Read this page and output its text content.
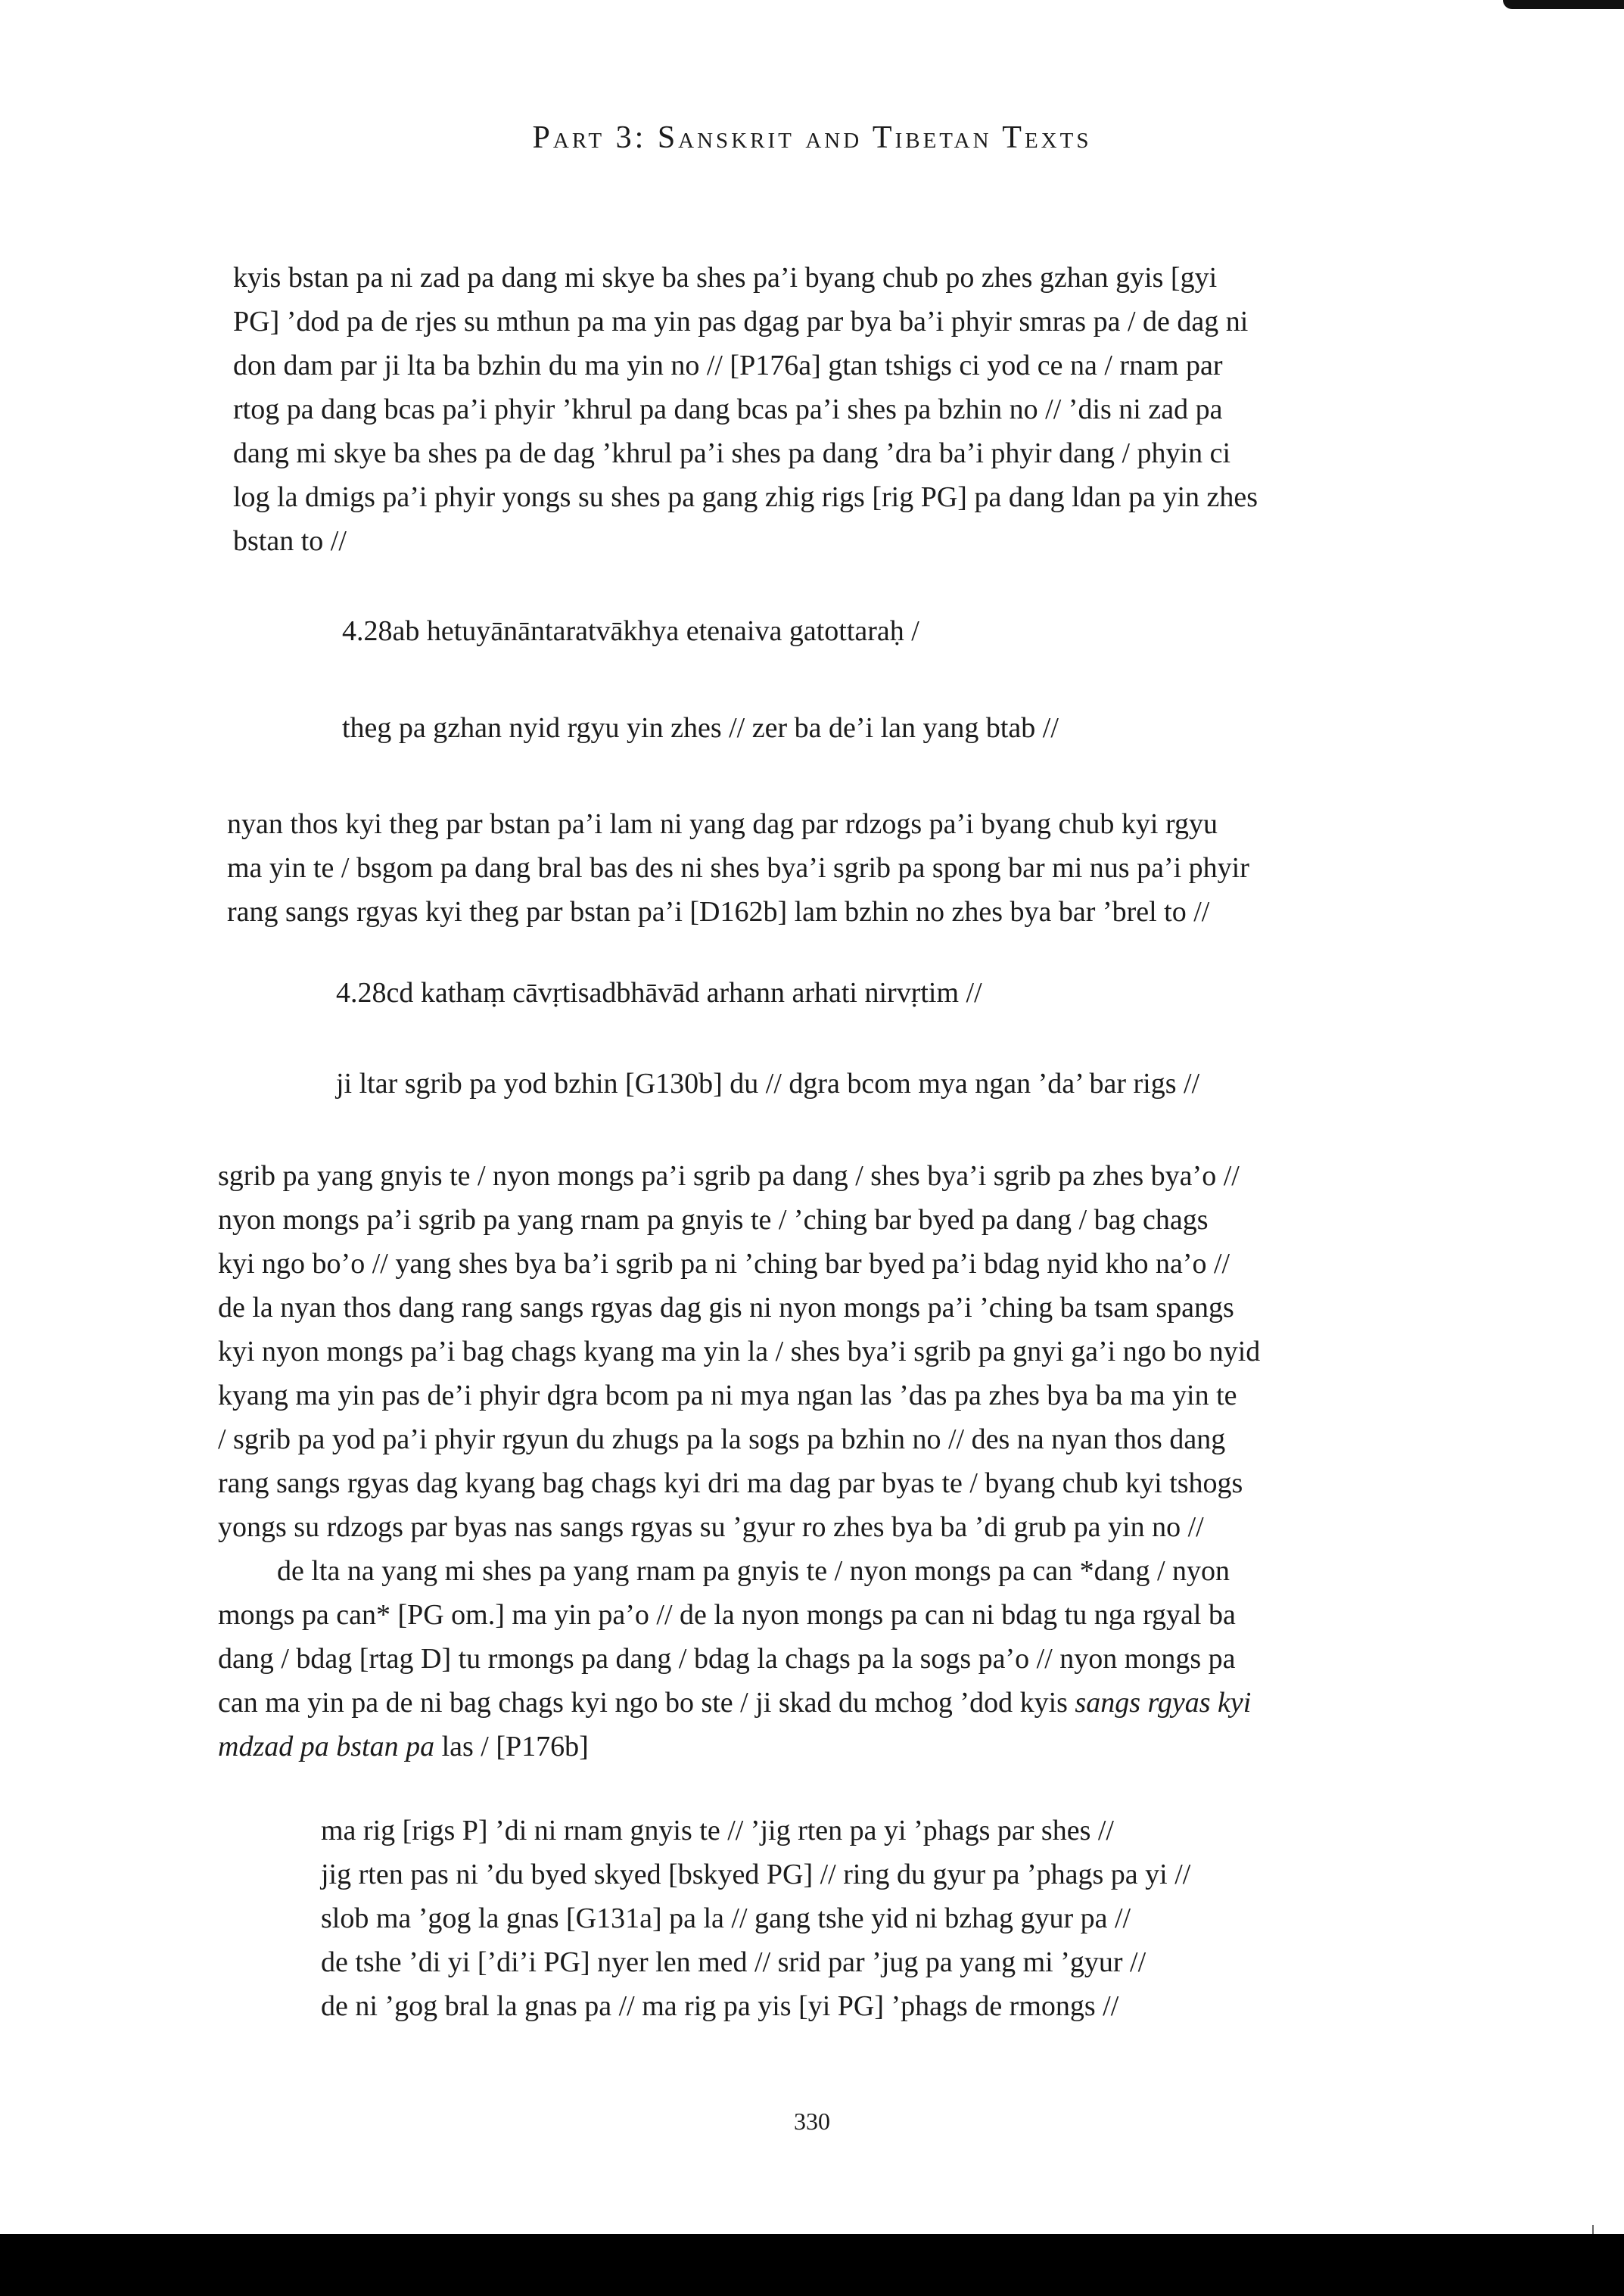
Part 3: Sanskrit and Tibetan Texts

kyis bstan pa ni zad pa dang mi skye ba shes pa’i byang chub po zhes gzhan gyis [gyi

PG] ’dod pa de rjes su mthun pa ma yin pas dgag par bya ba’i phyir smras pa / de dag ni

don dam par ji lta ba bzhin du ma yin no // [P176a] gtan tshigs ci yod ce na / rnam par

rtog pa dang bcas pa’i phyir ’khrul pa dang bcas pa’i shes pa bzhin no // ’dis ni zad pa

dang mi skye ba shes pa de dag ’khrul pa’i shes pa dang ’dra ba’i phyir dang / phyin ci

log la dmigs pa’i phyir yongs su shes pa gang zhig rigs [rig PG] pa dang ldan pa yin zhes

bstan to //

4.28ab hetuyānāntaratvākhya etenaiva gatottaraḥ /
theg pa gzhan nyid rgyu yin zhes // zer ba de’i lan yang btab //

nyan thos kyi theg par bstan pa’i lam ni yang dag par rdzogs pa’i byang chub kyi rgyu

ma yin te / bsgom pa dang bral bas des ni shes bya’i sgrib pa spong bar mi nus pa’i phyir

rang sangs rgyas kyi theg par bstan pa’i [D162b] lam bzhin no zhes bya bar ’brel to //

4.28cd kathaṃ cāvṛtisadbhāvād arhann arhati nirvṛtim //
ji ltar sgrib pa yod bzhin [G130b] du // dgra bcom mya ngan ’da’ bar rigs //

sgrib pa yang gnyis te / nyon mongs pa’i sgrib pa dang / shes bya’i sgrib pa zhes bya’o //

nyon mongs pa’i sgrib pa yang rnam pa gnyis te / ’ching bar byed pa dang / bag chags

kyi ngo bo’o // yang shes bya ba’i sgrib pa ni ’ching bar byed pa’i bdag nyid kho na’o //

de la nyan thos dang rang sangs rgyas dag gis ni nyon mongs pa’i ’ching ba tsam spangs

kyi nyon mongs pa’i bag chags kyang ma yin la / shes bya’i sgrib pa gnyi ga’i ngo bo nyid

kyang ma yin pas de’i phyir dgra bcom pa ni mya ngan las ’das pa zhes bya ba ma yin te

/ sgrib pa yod pa’i phyir rgyun du zhugs pa la sogs pa bzhin no // des na nyan thos dang

rang sangs rgyas dag kyang bag chags kyi dri ma dag par byas te / byang chub kyi tshogs

yongs su rdzogs par byas nas sangs rgyas su ’gyur ro zhes bya ba ’di grub pa yin no //

de lta na yang mi shes pa yang rnam pa gnyis te / nyon mongs pa can *dang / nyon

mongs pa can* [PG om.] ma yin pa’o // de la nyon mongs pa can ni bdag tu nga rgyal ba

dang / bdag [rtag D] tu rmongs pa dang / bdag la chags pa la sogs pa’o // nyon mongs pa

can ma yin pa de ni bag chags kyi ngo bo ste / ji skad du mchog ’dod kyis sangs rgyas kyi

mdzad pa bstan pa las / [P176b]

ma rig [rigs P] ’di ni rnam gnyis te // ’jig rten pa yi ’phags par shes //

jig rten pas ni ’du byed skyed [bskyed PG] // ring du gyur pa ’phags pa yi //

slob ma ’gog la gnas [G131a] pa la // gang tshe yid ni bzhag gyur pa //

de tshe ’di yi [’di’i PG] nyer len med // srid par ’jug pa yang mi ’gyur //

de ni ’gog bral la gnas pa // ma rig pa yis [yi PG] ’phags de rmongs //

330
